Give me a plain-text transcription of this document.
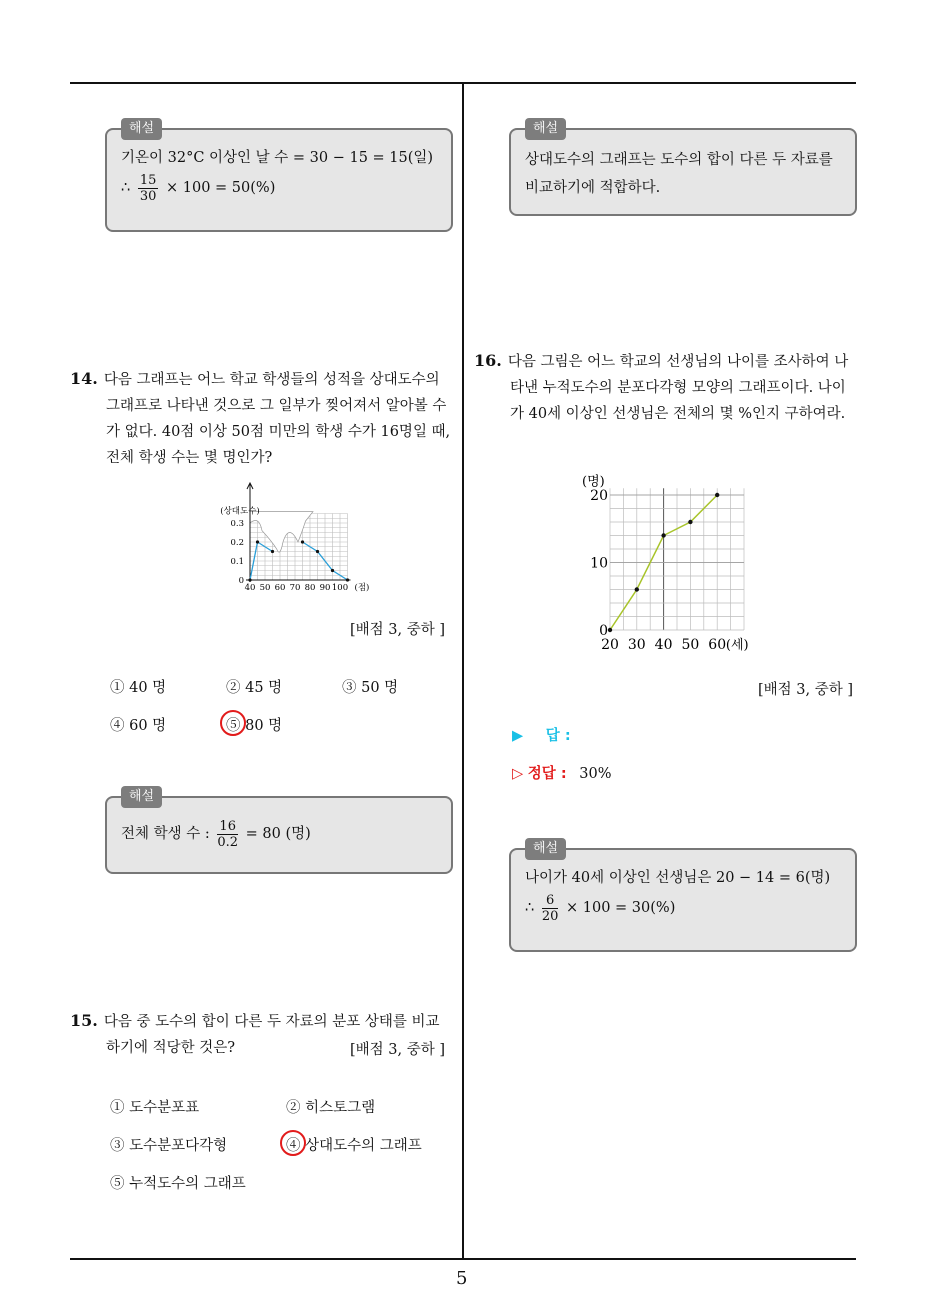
해설
기온이 32°C 이상인 날 수 = 30 − 15 = 15(일)
∴ $\frac{15}{30} \times 100 = 50(\%)$
해설
상대도수의 그래프는 도수의 합이 다른 두 자료를
비교하기에 적합하다.
14. 다음 그래프는 어느 학교 학생들의 성적을 상대도수의 그래프로 나타낸 것으로 그 일부가 찢어져서 알아볼 수가 없다. 40점 이상 50점 미만의 학생 수가 16명일 때, 전체 학생 수는 몇 명인가?
40 50 60 70 80 90 100
0
0.1
0.2
0.3
(상대도수)
(점)
[배점 3, 중하 ]
① 40 명	② 45 명	③ 50 명
④ 60 명	⑤ 80 명
해설
전체 학생 수 : $\frac{16}{0.2} = 80$ (명)
15. 다음 중 도수의 합이 다른 두 자료의 분포 상태를 비교
하기에 적당한 것은?	[배점 3, 중하 ]
① 도수분포표	② 히스토그램
③ 도수분포다각형	④ 상대도수의 그래프
⑤ 누적도수의 그래프
16. 다음 그림은 어느 학교의 선생님의 나이를 조사하여 나타낸 누적도수의 분포다각형 모양의 그래프이다. 나이가 40세 이상인 선생님은 전체의 몇 %인지 구하여라.
20 30 40 50 60
0
10
20
(명)
(세)
[배점 3, 중하 ]
▶ 답 :
▷ 정답 : 30%
해설
나이가 40세 이상인 선생님은 20 − 14 = 6(명)
∴ $\frac{6}{20} \times 100 = 30(\%)$
5
